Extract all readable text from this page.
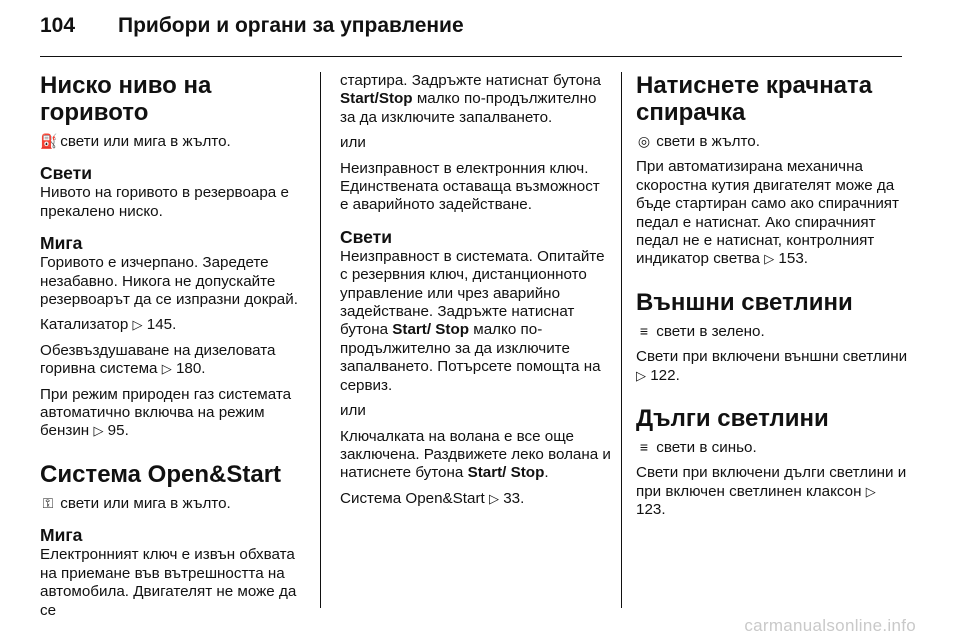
104 Прибори и органи за управление
Ниско ниво на горивото

⛽ свети или мига в жълто.

Свети

Нивото на горивото в резервоара е прекалено ниско.

Мига

Горивото е изчерпано. Заредете незабавно. Никога не допускайте резервоарът да се изпразни докрай.

Катализатор ▷ 145.

Обезвъздушаване на дизеловата горивна система ▷ 180.

При режим природен газ системата автоматично включва на режим бензин ▷ 95.

Система Open&Start

⚿ свети или мига в жълто.

Мига

Електронният ключ е извън обхвата на приемане във вътрешността на автомобила. Двигателят не може да се

стартира. Задръжте натиснат бутона Start/Stop малко по-продължително за да изключите запалването.

или

Неизправност в електронния ключ. Единствената оставаща възможност е аварийното задействане.

Свети

Неизправност в системата. Опитайте с резервния ключ, дистанционното управление или чрез аварийно задействане. Задръжте натиснат бутона Start/ Stop малко по-продължително за да изключите запалването. Потърсете помощта на сервиз.

или

Ключалката на волана е все още заключена. Раздвижете леко волана и натиснете бутона Start/ Stop.

Система Open&Start ▷ 33.

Натиснете крачната спирачка

◎ свети в жълто.

При автоматизирана механична скоростна кутия двигателят може да бъде стартиран само ако спирачният педал е натиснат. Ако спирачният педал не е натиснат, контролният индикатор светва ▷ 153.

Външни светлини

≡ свети в зелено.

Свети при включени външни светлини ▷ 122.

Дълги светлини

≡ свети в синьо.

Свети при включени дълги светлини и при включен светлинен клаксон ▷ 123.

carmanualsonline.info
